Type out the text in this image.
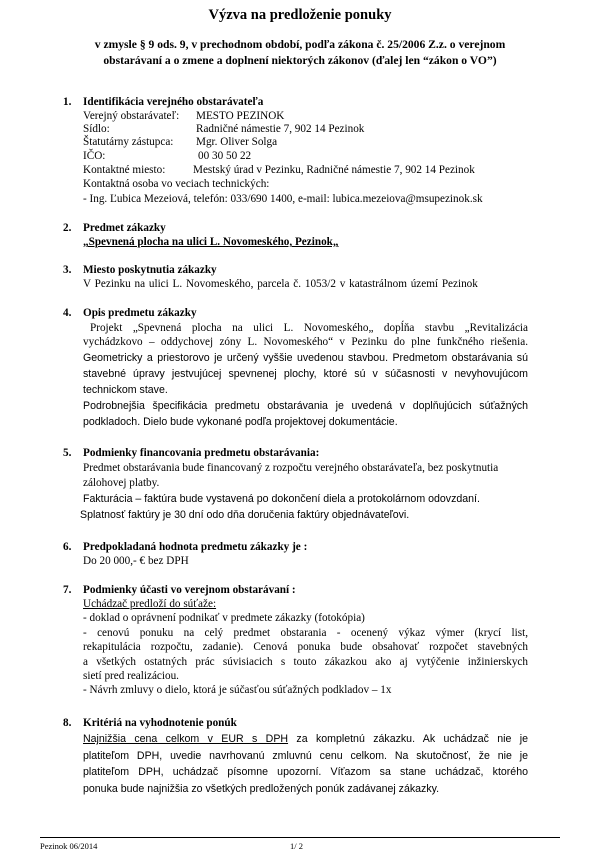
Výzva na predloženie ponuky
v zmysle § 9 ods. 9, v prechodnom období, podľa zákona č. 25/2006 Z.z. o verejnom
obstarávaní a o zmene a doplnení niektorých zákonov (ďalej len “zákon o VO”)
1. Identifikácia verejného obstarávateľa
Verejný obstarávateľ: MESTO PEZINOK
Sídlo:	Radničné námestie 7, 902 14 Pezinok
Štatutárny zástupca: Mgr. Oliver Solga
IČO:	00 30 50 22
Kontaktné miesto: Mestský úrad v Pezinku, Radničné námestie 7, 902 14 Pezinok
Kontaktná osoba vo veciach technických:
- Ing. Ľubica Mezeiová, telefón: 033/690 1400, e-mail: lubica.mezeiova@msupezinok.sk
2. Predmet zákazky
„Spevnená plocha na ulici L. Novomeského, Pezinok„
3. Miesto poskytnutia zákazky
V Pezinku na ulici L. Novomeského, parcela č. 1053/2 v katastrálnom území Pezinok
4. Opis predmetu zákazky
Projekt „Spevnená plocha na ulici L. Novomeského„ dopĺňa stavbu „Revitalizácia
vychádzkovo – oddychovej zóny L. Novomeského“ v Pezinku do plne funkčného riešenia.
Geometricky a priestorovo je určený vyššie uvedenou stavbou. Predmetom obstarávania sú
stavebné úpravy jestvujúcej spevnenej plochy, ktoré sú v súčasnosti v nevyhovujúcom
technickom stave.
Podrobnejšia špecifikácia predmetu obstarávania je uvedená v doplňujúcich súťažných
podkladoch. Dielo bude vykonané podľa projektovej dokumentácie.
5. Podmienky financovania predmetu obstarávania:
Predmet obstarávania bude financovaný z rozpočtu verejného obstarávateľa, bez poskytnutia
zálohovej platby.
Fakturácia – faktúra bude vystavená po dokončení diela a protokolárnom odovzdaní.
Splatnosť faktúry je 30 dní odo dňa doručenia faktúry objednávateľovi.
6. Predpokladaná hodnota predmetu zákazky je :
Do 20 000,- € bez DPH
7. Podmienky účasti vo verejnom obstarávaní :
Uchádzač predloží do súťaže:
- doklad o oprávnení podnikať v predmete zákazky (fotokópia)
- cenovú ponuku na celý predmet obstarania - ocenený výkaz výmer (krycí list,
rekapitulácia rozpočtu, zadanie). Cenová ponuka bude obsahovať rozpočet stavebných
a všetkých ostatných prác súvisiacich s touto zákazkou ako aj vytýčenie inžinierskych
sietí pred realizáciou.
- Návrh zmluvy o dielo, ktorá je súčasťou súťažných podkladov – 1x
8. Kritériá na vyhodnotenie ponúk
Najnižšia cena celkom v EUR s DPH za kompletnú zákazku. Ak uchádzač nie je
platiteľom DPH, uvedie navrhovanú zmluvnú cenu celkom. Na skutočnosť, že nie je
platiteľom DPH, uchádzač písomne upozorní. Víťazom sa stane uchádzač, ktorého
ponuka bude najnižšia zo všetkých predložených ponúk zadávanej zákazky.
Pezinok 06/2014	1/ 2
